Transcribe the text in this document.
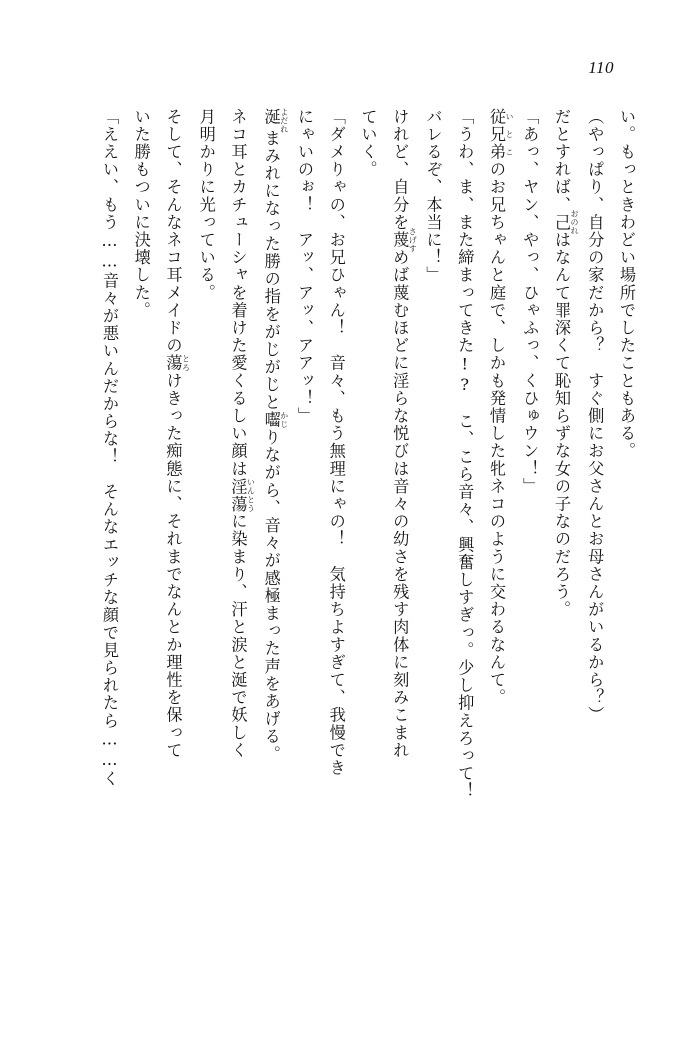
110
い。もっときわどい場所でしたこともある。
（やっぱり、自分の家だから？　すぐ側にお父さんとお母さんがいるから？）
だとすれば、己 おのれはなんて罪深くて恥知らずな女の子なのだろう。
「あっ、ヤン、やっ、ひゃふっ、くひゅウン！」
従兄弟 いとこのお兄ちゃんと庭で、しかも発情した牝ネコのように交わるなんて。
「うわ、ま、また締まってきた!?　こ、こら音々、興奮しすぎっ。少し抑えろって！
バレるぞ、本当に！」
けれど、自分を蔑 さげすめば蔑むほどに淫らな悦びは音々の幼さを残す肉体に刻みこまれ
ていく。
「ダメりゃの、お兄ひゃん！　音々、もう無理にゃの！　気持ちよすぎて、我慢でき
にゃいのぉ！　アッ、アッ、アアッ！」
涎 よだれまみれになった勝の指をがじがじと囓 かじりながら、音々が感極まった声をあげる。
ネコ耳とカチューシャを着けた愛くるしい顔は淫蕩 いんとうに染まり、汗と涙と涎で妖しく
月明かりに光っている。
そして、そんなネコ耳メイドの蕩 とろけきった痴態に、それまでなんとか理性を保って
いた勝もついに決壊した。
「ええい、もう……音々が悪いんだからな！　そんなエッチな顔で見られたら……く
